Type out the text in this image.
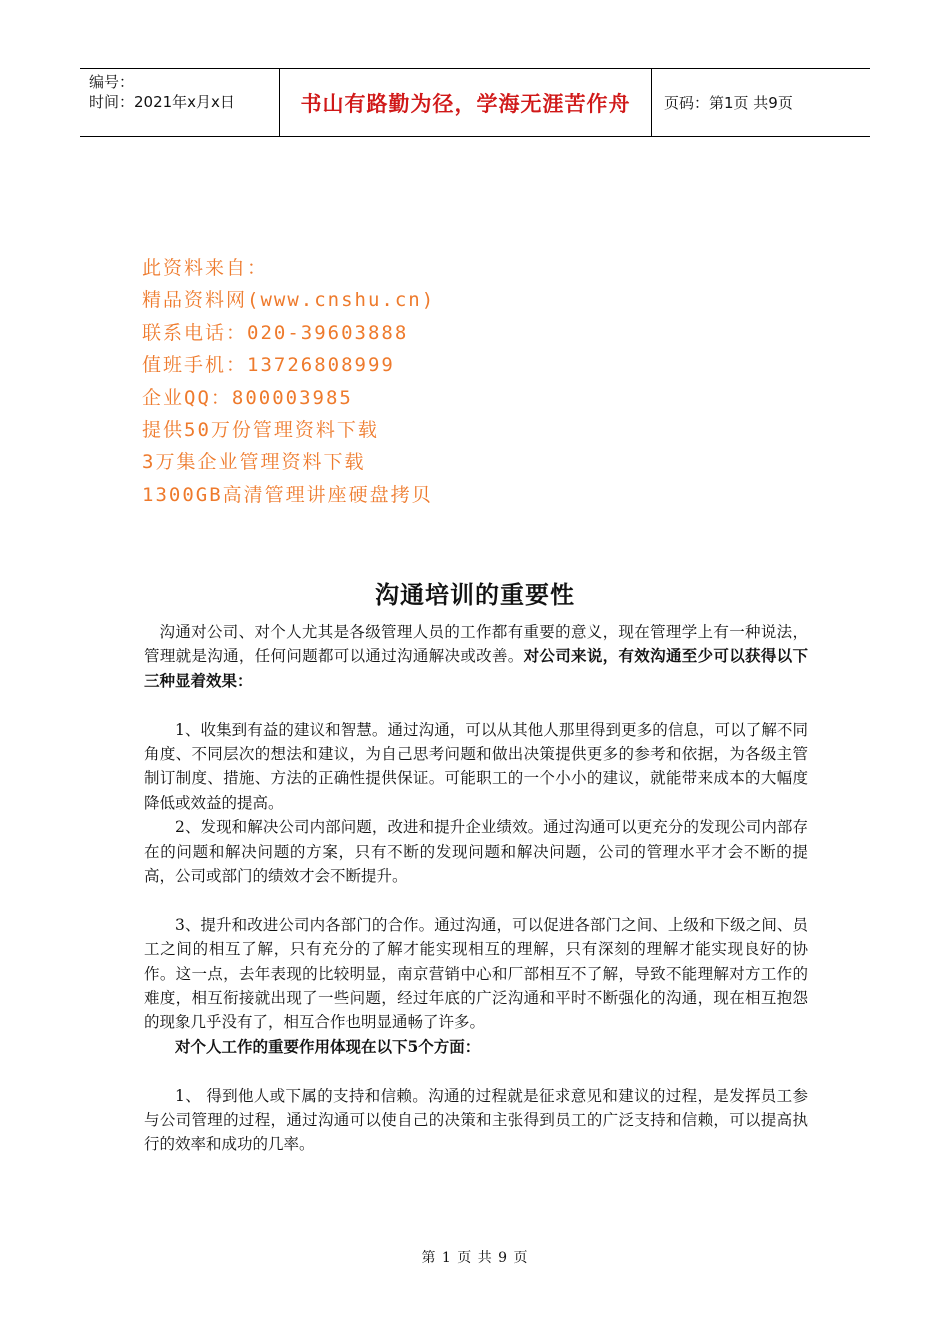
编号：
时间：2021年x月x日	书山有路勤为径，学海无涯苦作舟	页码：第1页 共9页
此资料来自：
精品资料网(www.cnshu.cn)
联系电话：020-39603888
值班手机：13726808999
企业QQ：800003985
提供50万份管理资料下载
3万集企业管理资料下载
1300GB高清管理讲座硬盘拷贝
沟通培训的重要性

沟通对公司、对个人尤其是各级管理人员的工作都有重要的意义，现在管理学上有一种说法，管理就是沟通，任何问题都可以通过沟通解决或改善。对公司来说，有效沟通至少可以获得以下三种显着效果：

1、收集到有益的建议和智慧。通过沟通，可以从其他人那里得到更多的信息，可以了解不同角度、不同层次的想法和建议，为自己思考问题和做出决策提供更多的参考和依据，为各级主管制订制度、措施、方法的正确性提供保证。可能职工的一个小小的建议，就能带来成本的大幅度降低或效益的提高。

2、发现和解决公司内部问题，改进和提升企业绩效。通过沟通可以更充分的发现公司内部存在的问题和解决问题的方案，只有不断的发现问题和解决问题，公司的管理水平才会不断的提高，公司或部门的绩效才会不断提升。

3、提升和改进公司内各部门的合作。通过沟通，可以促进各部门之间、上级和下级之间、员工之间的相互了解，只有充分的了解才能实现相互的理解，只有深刻的理解才能实现良好的协作。这一点，去年表现的比较明显，南京营销中心和厂部相互不了解，导致不能理解对方工作的难度，相互衔接就出现了一些问题，经过年底的广泛沟通和平时不断强化的沟通，现在相互抱怨的现象几乎没有了，相互合作也明显通畅了许多。

对个人工作的重要作用体现在以下5个方面：

1、 得到他人或下属的支持和信赖。沟通的过程就是征求意见和建议的过程，是发挥员工参与公司管理的过程，通过沟通可以使自己的决策和主张得到员工的广泛支持和信赖，可以提高执行的效率和成功的几率。

第 1 页 共 9 页
